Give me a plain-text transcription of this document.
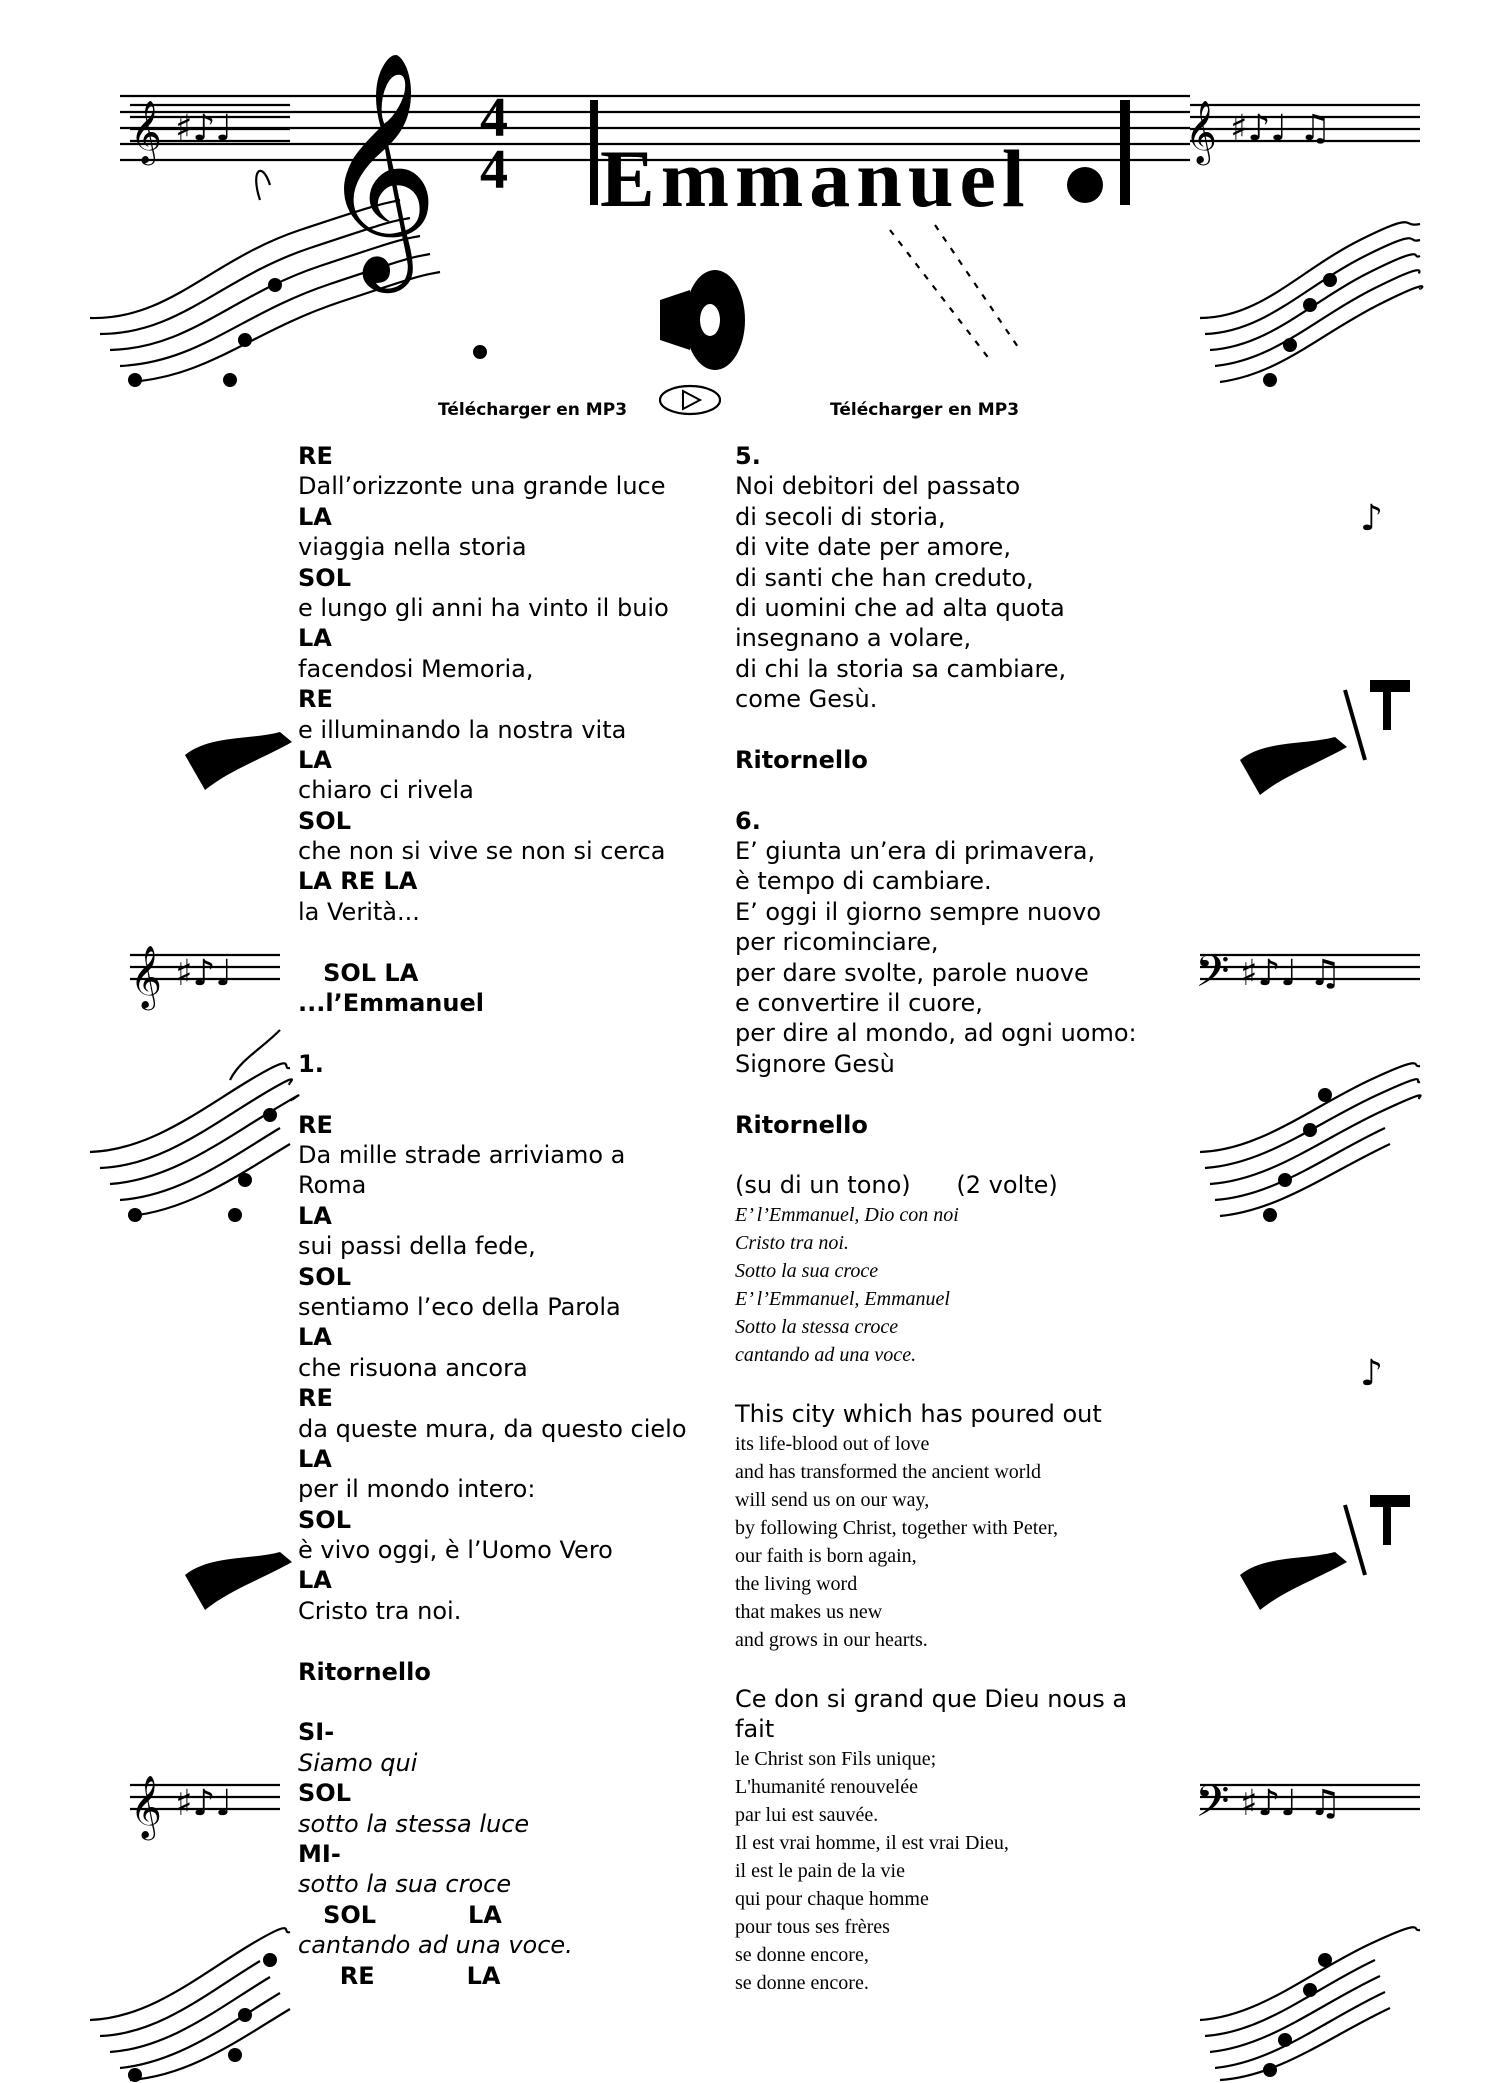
𝄞	𝄞
𝄞	𝄢
𝄞	𝄢
♯♪♩	♯♪♩ ♫
♯♪♩	♯♪♩ ♫
♯♪♩	♯♪♩ ♫
♪
♪
𝄞 Emmanuel
4
4
Télécharger en MP3	Télécharger en MP3
RE
Dall’orizzonte una grande luce
LA
viaggia nella storia
SOL
e lungo gli anni ha vinto il buio
LA
facendosi Memoria,
RE
e illuminando la nostra vita
LA
chiaro ci rivela
SOL
che non si vive se non si cerca
LA RE LA
la Verità...
SOL LA
...l’Emmanuel
1.
RE
Da mille strade arriviamo a
Roma
LA
sui passi della fede,
SOL
sentiamo l’eco della Parola
LA
che risuona ancora
RE
da queste mura, da questo cielo
LA
per il mondo intero:
SOL
è vivo oggi, è l’Uomo Vero
LA
Cristo tra noi.
Ritornello
SI-
Siamo qui
SOL
sotto la stessa luce
MI-
sotto la sua croce
SOL           LA
cantando ad una voce.
RE           LA
5.
Noi debitori del passato
di secoli di storia,
di vite date per amore,
di santi che han creduto,
di uomini che ad alta quota
insegnano a volare,
di chi la storia sa cambiare,
come Gesù.
Ritornello
6.
E’ giunta un’era di primavera,
è tempo di cambiare.
E’ oggi il giorno sempre nuovo
per ricominciare,
per dare svolte, parole nuove
e convertire il cuore,
per dire al mondo, ad ogni uomo:
Signore Gesù
Ritornello
(su di un tono)      (2 volte)
E’ l’Emmanuel, Dio con noi
Cristo tra noi.
Sotto la sua croce
E’ l’Emmanuel, Emmanuel
Sotto la stessa croce
cantando ad una voce.
This city which has poured out
its life-blood out of love
and has transformed the ancient world
will send us on our way,
by following Christ, together with Peter,
our faith is born again,
the living word
that makes us new
and grows in our hearts.
Ce don si grand que Dieu nous a
fait
le Christ son Fils unique;
L'humanité renouvelée
par lui est sauvée.
Il est vrai homme, il est vrai Dieu,
il est le pain de la vie
qui pour chaque homme
pour tous ses frères
se donne encore,
se donne encore.
